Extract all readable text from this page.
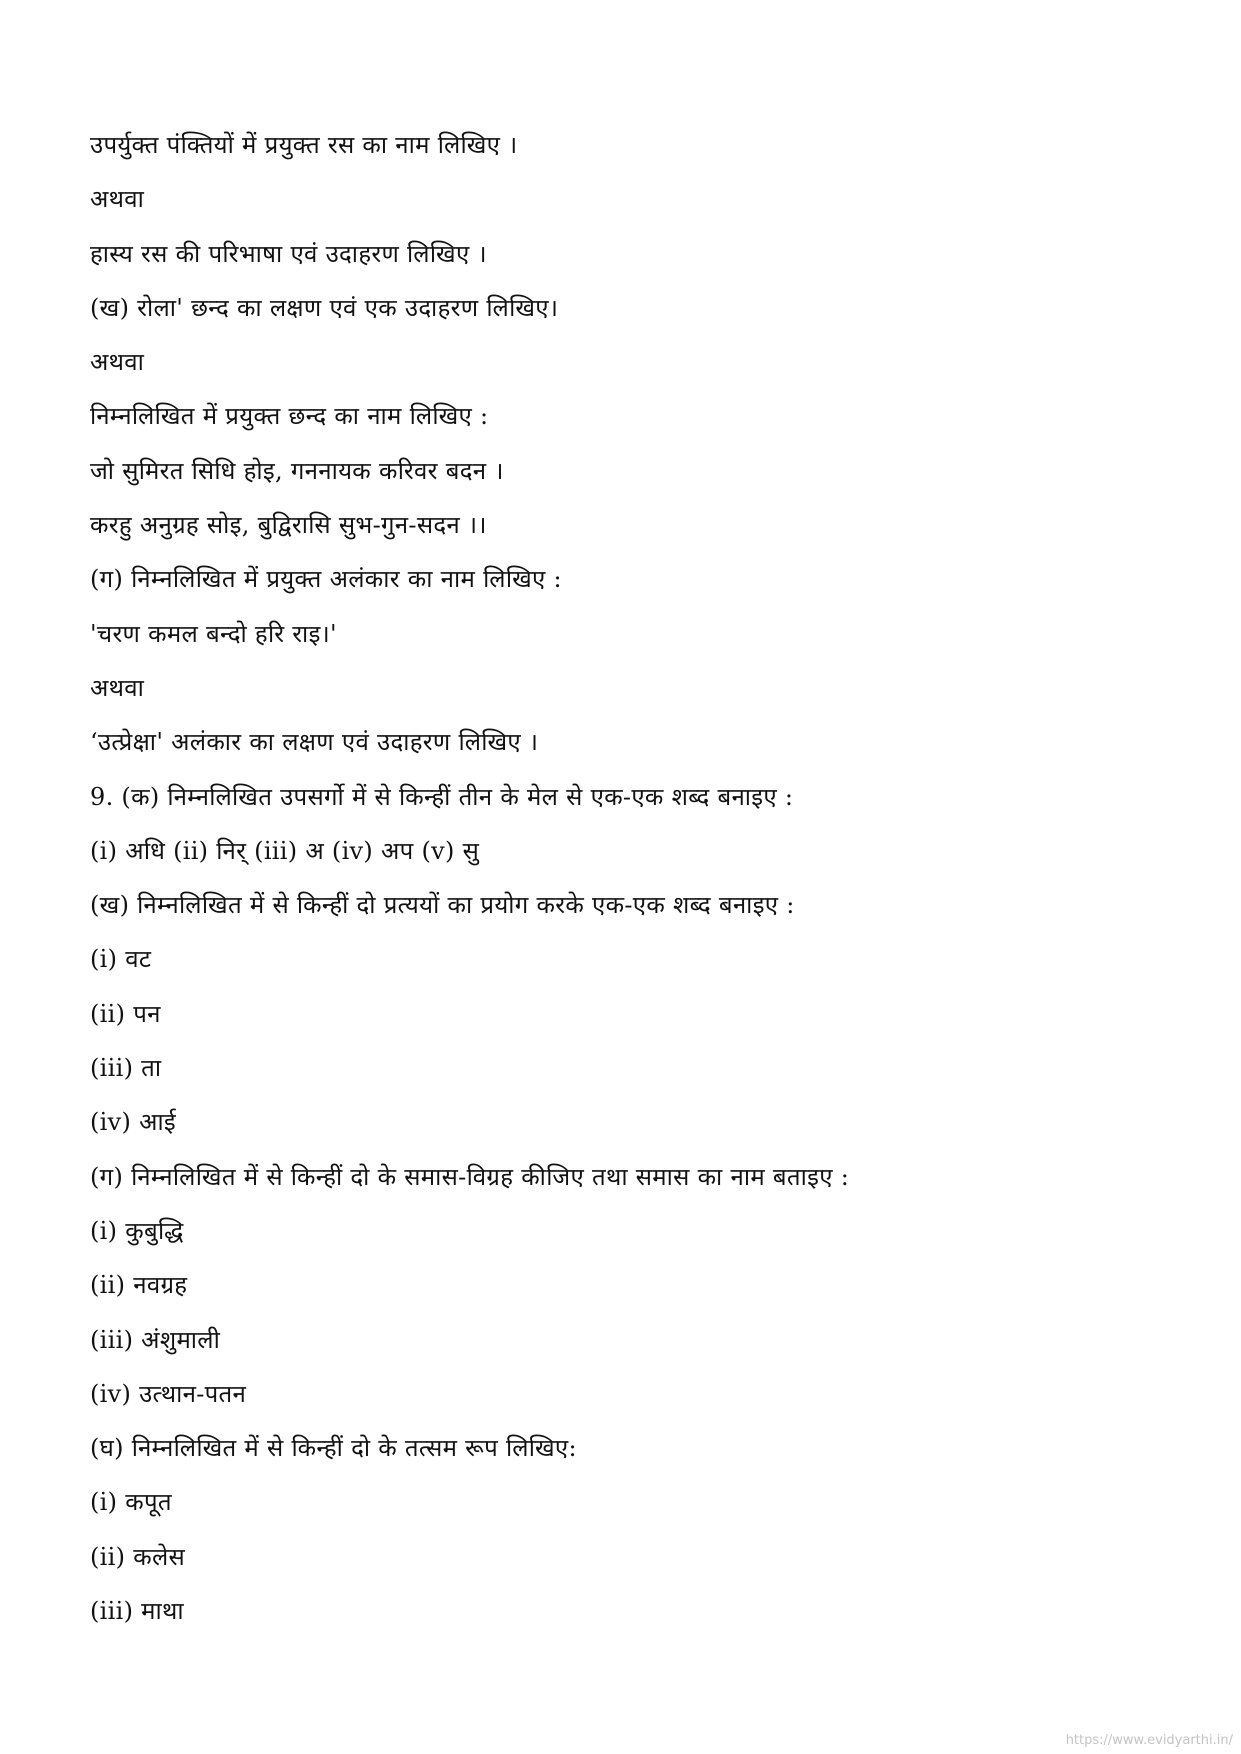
उपर्युक्त पंक्तियों में प्रयुक्त रस का नाम लिखिए ।
अथवा
हास्य रस की परिभाषा एवं उदाहरण लिखिए ।
(ख) रोला' छन्द का लक्षण एवं एक उदाहरण लिखिए।
अथवा
निम्नलिखित में प्रयुक्त छन्द का नाम लिखिए :
जो सुमिरत सिधि होइ, गननायक करिवर बदन ।
करहु अनुग्रह सोइ, बुद्विरासि सुभ-गुन-सदन ।।
(ग) निम्नलिखित में प्रयुक्त अलंकार का नाम लिखिए :
'चरण कमल बन्दो हरि राइ।'
अथवा
‘उत्प्रेक्षा' अलंकार का लक्षण एवं उदाहरण लिखिए ।
9. (क) निम्नलिखित उपसर्गो में से किन्हीं तीन के मेल से एक-एक शब्द बनाइए :
(i) अधि (ii) निर् (iii) अ (iv) अप (v) सु
(ख) निम्नलिखित में से किन्हीं दो प्रत्ययों का प्रयोग करके एक-एक शब्द बनाइए :
(i) वट
(ii) पन
(iii) ता
(iv) आई
(ग) निम्नलिखित में से किन्हीं दो के समास-विग्रह कीजिए तथा समास का नाम बताइए :
(i) कुबुद्धि
(ii) नवग्रह
(iii) अंशुमाली
(iv) उत्थान-पतन
(घ) निम्नलिखित में से किन्हीं दो के तत्सम रूप लिखिए:
(i) कपूत
(ii) कलेस
(iii) माथा
https://www.evidyarthi.in/
